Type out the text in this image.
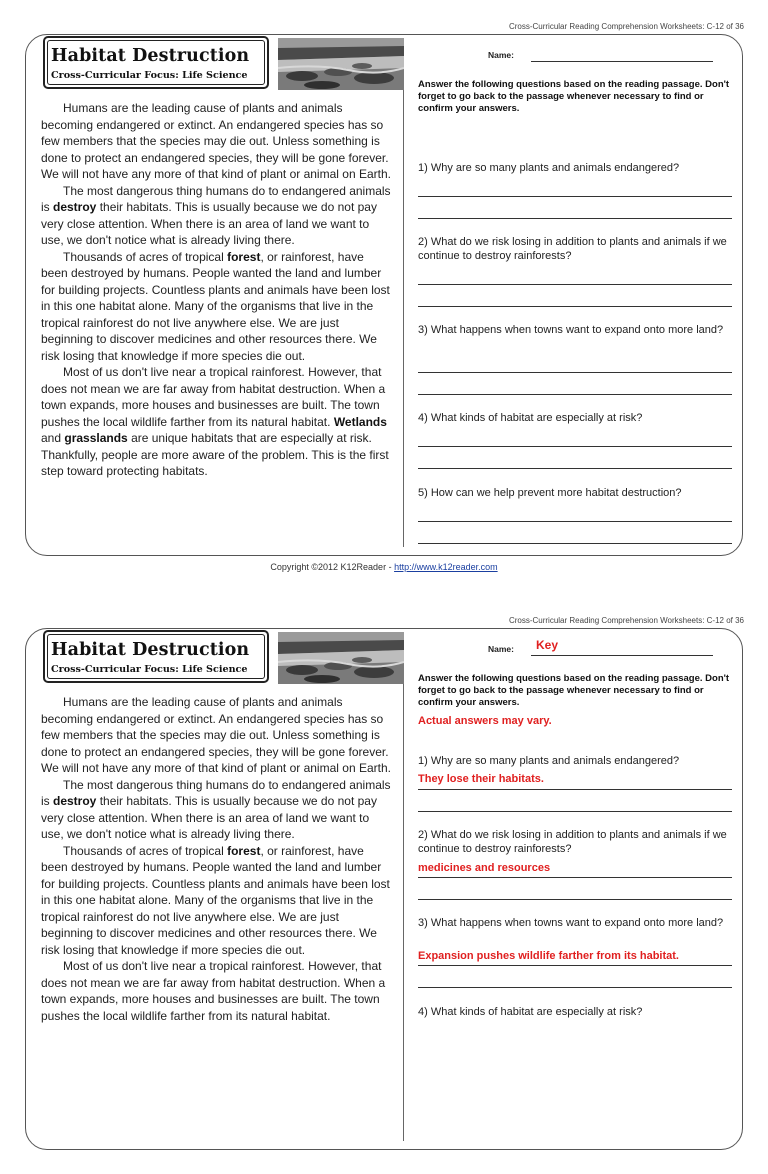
Cross-Curricular Reading Comprehension Worksheets: C-12 of 36
Habitat Destruction
Cross-Curricular Focus: Life Science
Name:
Answer the following questions based on the reading passage. Don't forget to go back to the passage whenever necessary to find or confirm your answers.

Humans are the leading cause of plants and animals becoming endangered or extinct. An endangered species has so few members that the species may die out. Unless something is done to protect an endangered species, they will be gone forever. We will not have any more of that kind of plant or animal on Earth.

The most dangerous thing humans do to endangered animals is destroy their habitats. This is usually because we do not pay very close attention. When there is an area of land we want to use, we don't notice what is already living there.

Thousands of acres of tropical forest, or rainforest, have been destroyed by humans. People wanted the land and lumber for building projects. Countless plants and animals have been lost in this one habitat alone. Many of the organisms that live in the tropical rainforest do not live anywhere else. We are just beginning to discover medicines and other resources there. We risk losing that knowledge if more species die out.

Most of us don't live near a tropical rainforest. However, that does not mean we are far away from habitat destruction. When a town expands, more houses and businesses are built. The town pushes the local wildlife farther from its natural habitat. Wetlands and grasslands are unique habitats that are especially at risk. Thankfully, people are more aware of the problem. This is the first step toward protecting habitats.

1) Why are so many plants and animals endangered?
2) What do we risk losing in addition to plants and animals if we continue to destroy rainforests?
3) What happens when towns want to expand onto more land?
4) What kinds of habitat are especially at risk?
5) How can we help prevent more habitat destruction?
Copyright ©2012 K12Reader - http://www.k12reader.com
Cross-Curricular Reading Comprehension Worksheets: C-12 of 36
Habitat Destruction
Cross-Curricular Focus: Life Science
Name: Key
Answer the following questions based on the reading passage. Don't forget to go back to the passage whenever necessary to find or confirm your answers.
Actual answers may vary.

Humans are the leading cause of plants and animals becoming endangered or extinct. An endangered species has so few members that the species may die out. Unless something is done to protect an endangered species, they will be gone forever. We will not have any more of that kind of plant or animal on Earth.

The most dangerous thing humans do to endangered animals is destroy their habitats. This is usually because we do not pay very close attention. When there is an area of land we want to use, we don't notice what is already living there.

Thousands of acres of tropical forest, or rainforest, have been destroyed by humans. People wanted the land and lumber for building projects. Countless plants and animals have been lost in this one habitat alone. Many of the organisms that live in the tropical rainforest do not live anywhere else. We are just beginning to discover medicines and other resources there. We risk losing that knowledge if more species die out.

Most of us don't live near a tropical rainforest. However, that does not mean we are far away from habitat destruction. When a town expands, more houses and businesses are built. The town pushes the local wildlife farther from its natural habitat.

1) Why are so many plants and animals endangered?
They lose their habitats.
2) What do we risk losing in addition to plants and animals if we continue to destroy rainforests?
medicines and resources
3) What happens when towns want to expand onto more land?
Expansion pushes wildlife farther from its habitat.
4) What kinds of habitat are especially at risk?
